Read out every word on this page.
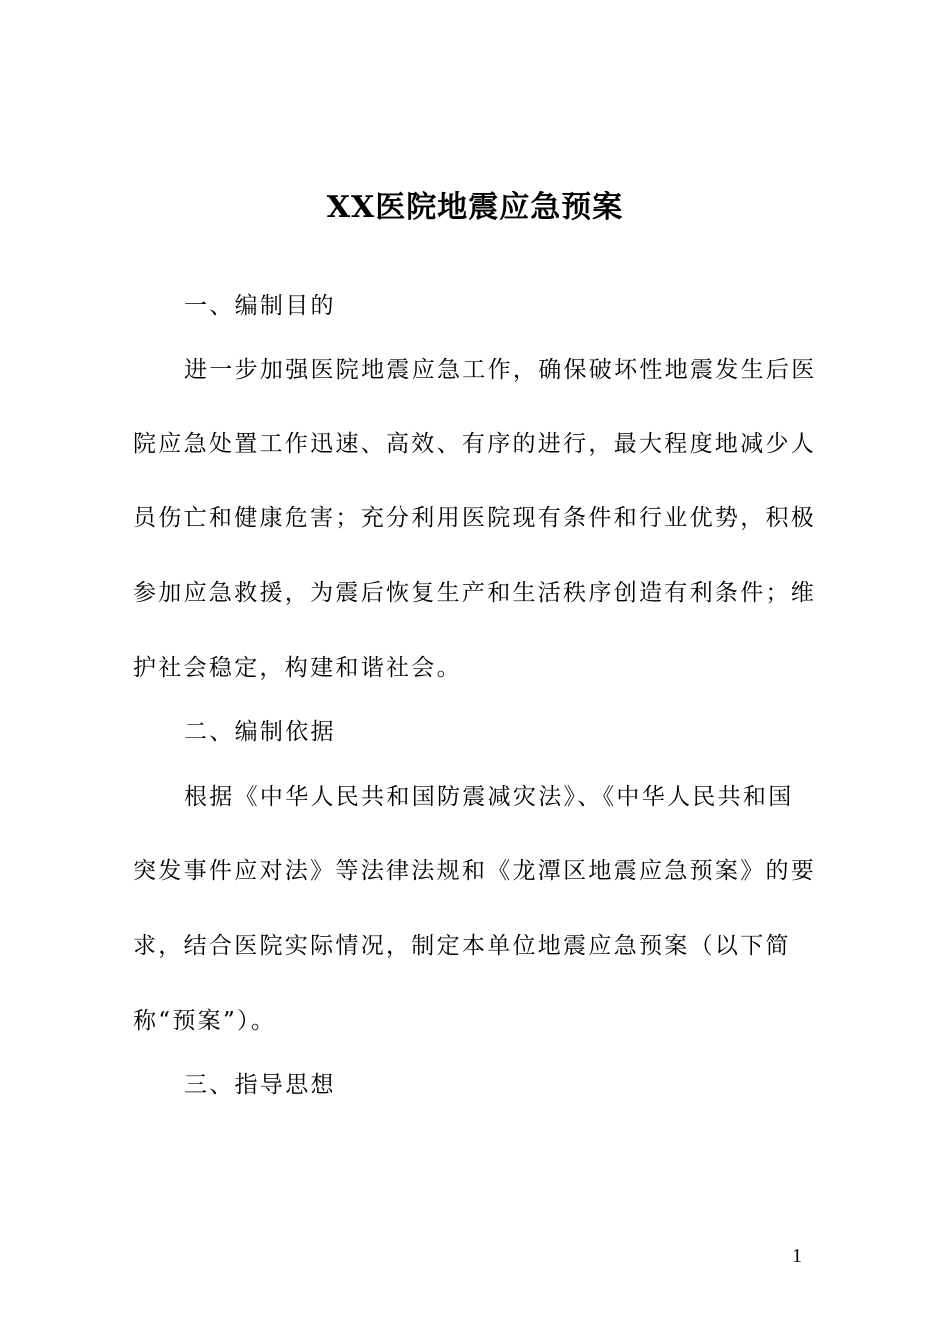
XX医院地震应急预案
一、编制目的
进一步加强医院地震应急工作，确保破坏性地震发生后医
院应急处置工作迅速、高效、有序的进行，最大程度地减少人
员伤亡和健康危害；充分利用医院现有条件和行业优势，积极
参加应急救援，为震后恢复生产和生活秩序创造有利条件；维
护社会稳定，构建和谐社会。
二、编制依据
根据《中华人民共和国防震减灾法》、《中华人民共和国
突发事件应对法》等法律法规和《龙潭区地震应急预案》的要
求，结合医院实际情况，制定本单位地震应急预案（以下简
称“预案”）。
三、指导思想
1
